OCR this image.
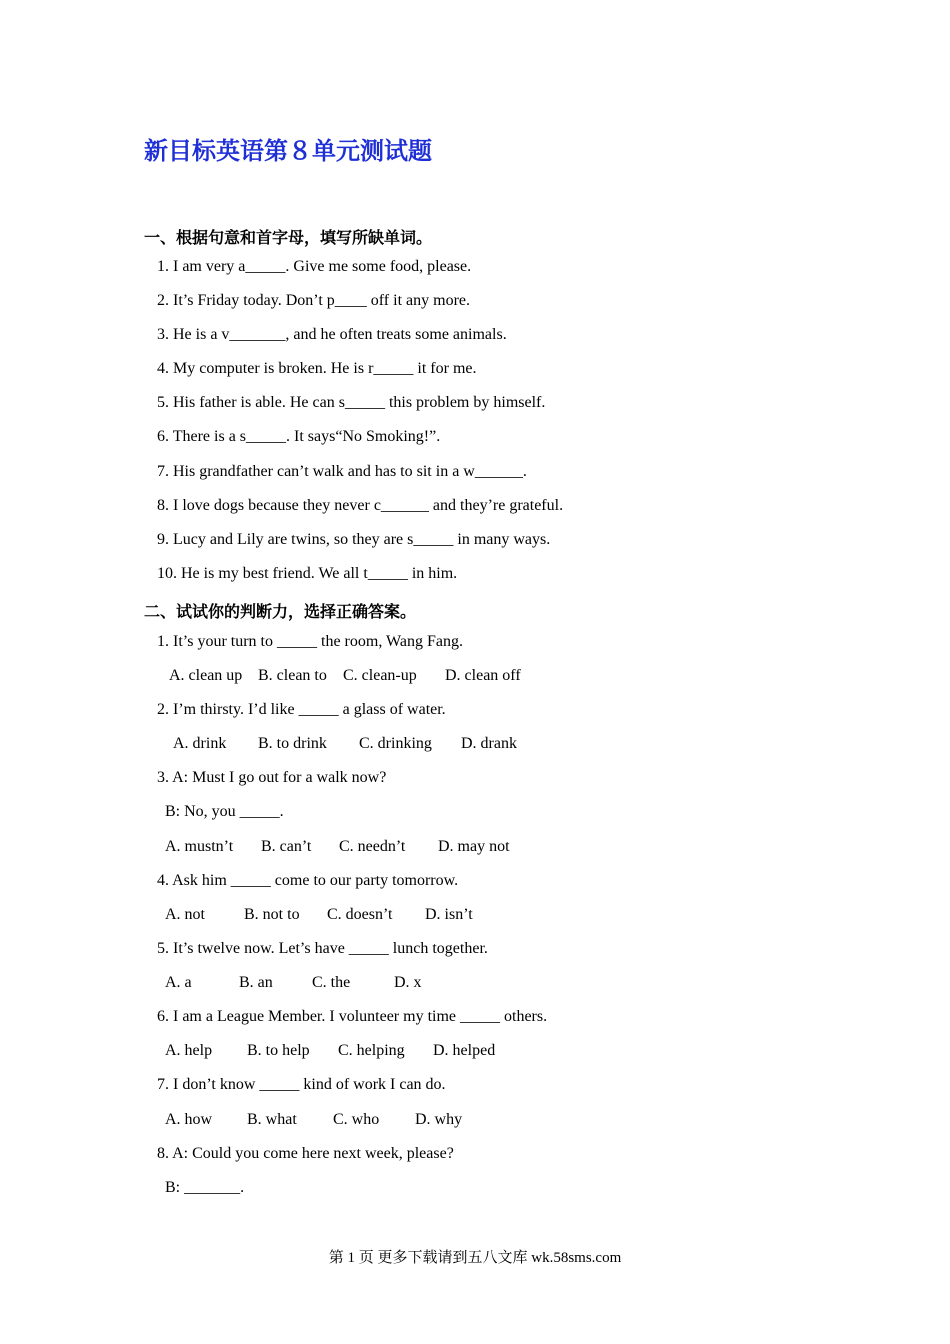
新目标英语第８单元测试题
一、根据句意和首字母，填写所缺单词。
1. I am very a_____. Give me some food, please.
2. It’s Friday today. Don’t p____ off it any more.
3. He is a v_______, and he often treats some animals.
4. My computer is broken. He is r_____ it for me.
5. His father is able. He can s_____ this problem by himself.
6. There is a s_____. It says“No Smoking!”.
7. His grandfather can’t walk and has to sit in a w______.
8. I love dogs because they never c______ and they’re grateful.
9. Lucy and Lily are twins, so they are s_____ in many ways.
10. He is my best friend. We all t_____ in him.
二、试试你的判断力，选择正确答案。
1. It’s your turn to _____ the room, Wang Fang.
A. clean up B. clean to C. clean-up D. clean off
2. I’m thirsty. I’d like _____ a glass of water.
A. drink B. to drink C. drinking D. drank
3. A: Must I go out for a walk now?
B: No, you _____.
A. mustn’t B. can’t C. needn’t D. may not
4. Ask him _____ come to our party tomorrow.
A. not B. not to C. doesn’t D. isn’t
5. It’s twelve now. Let’s have _____ lunch together.
A. a	B. an C. the	D. x
6. I am a League Member. I volunteer my time _____ others.
A. help B. to help C. helping D. helped
7. I don’t know _____ kind of work I can do.
A. how B. what C. who D. why
8. A: Could you come here next week, please?
B: _______.
第 1 页 更多下载请到五八文库 wk.58sms.com
